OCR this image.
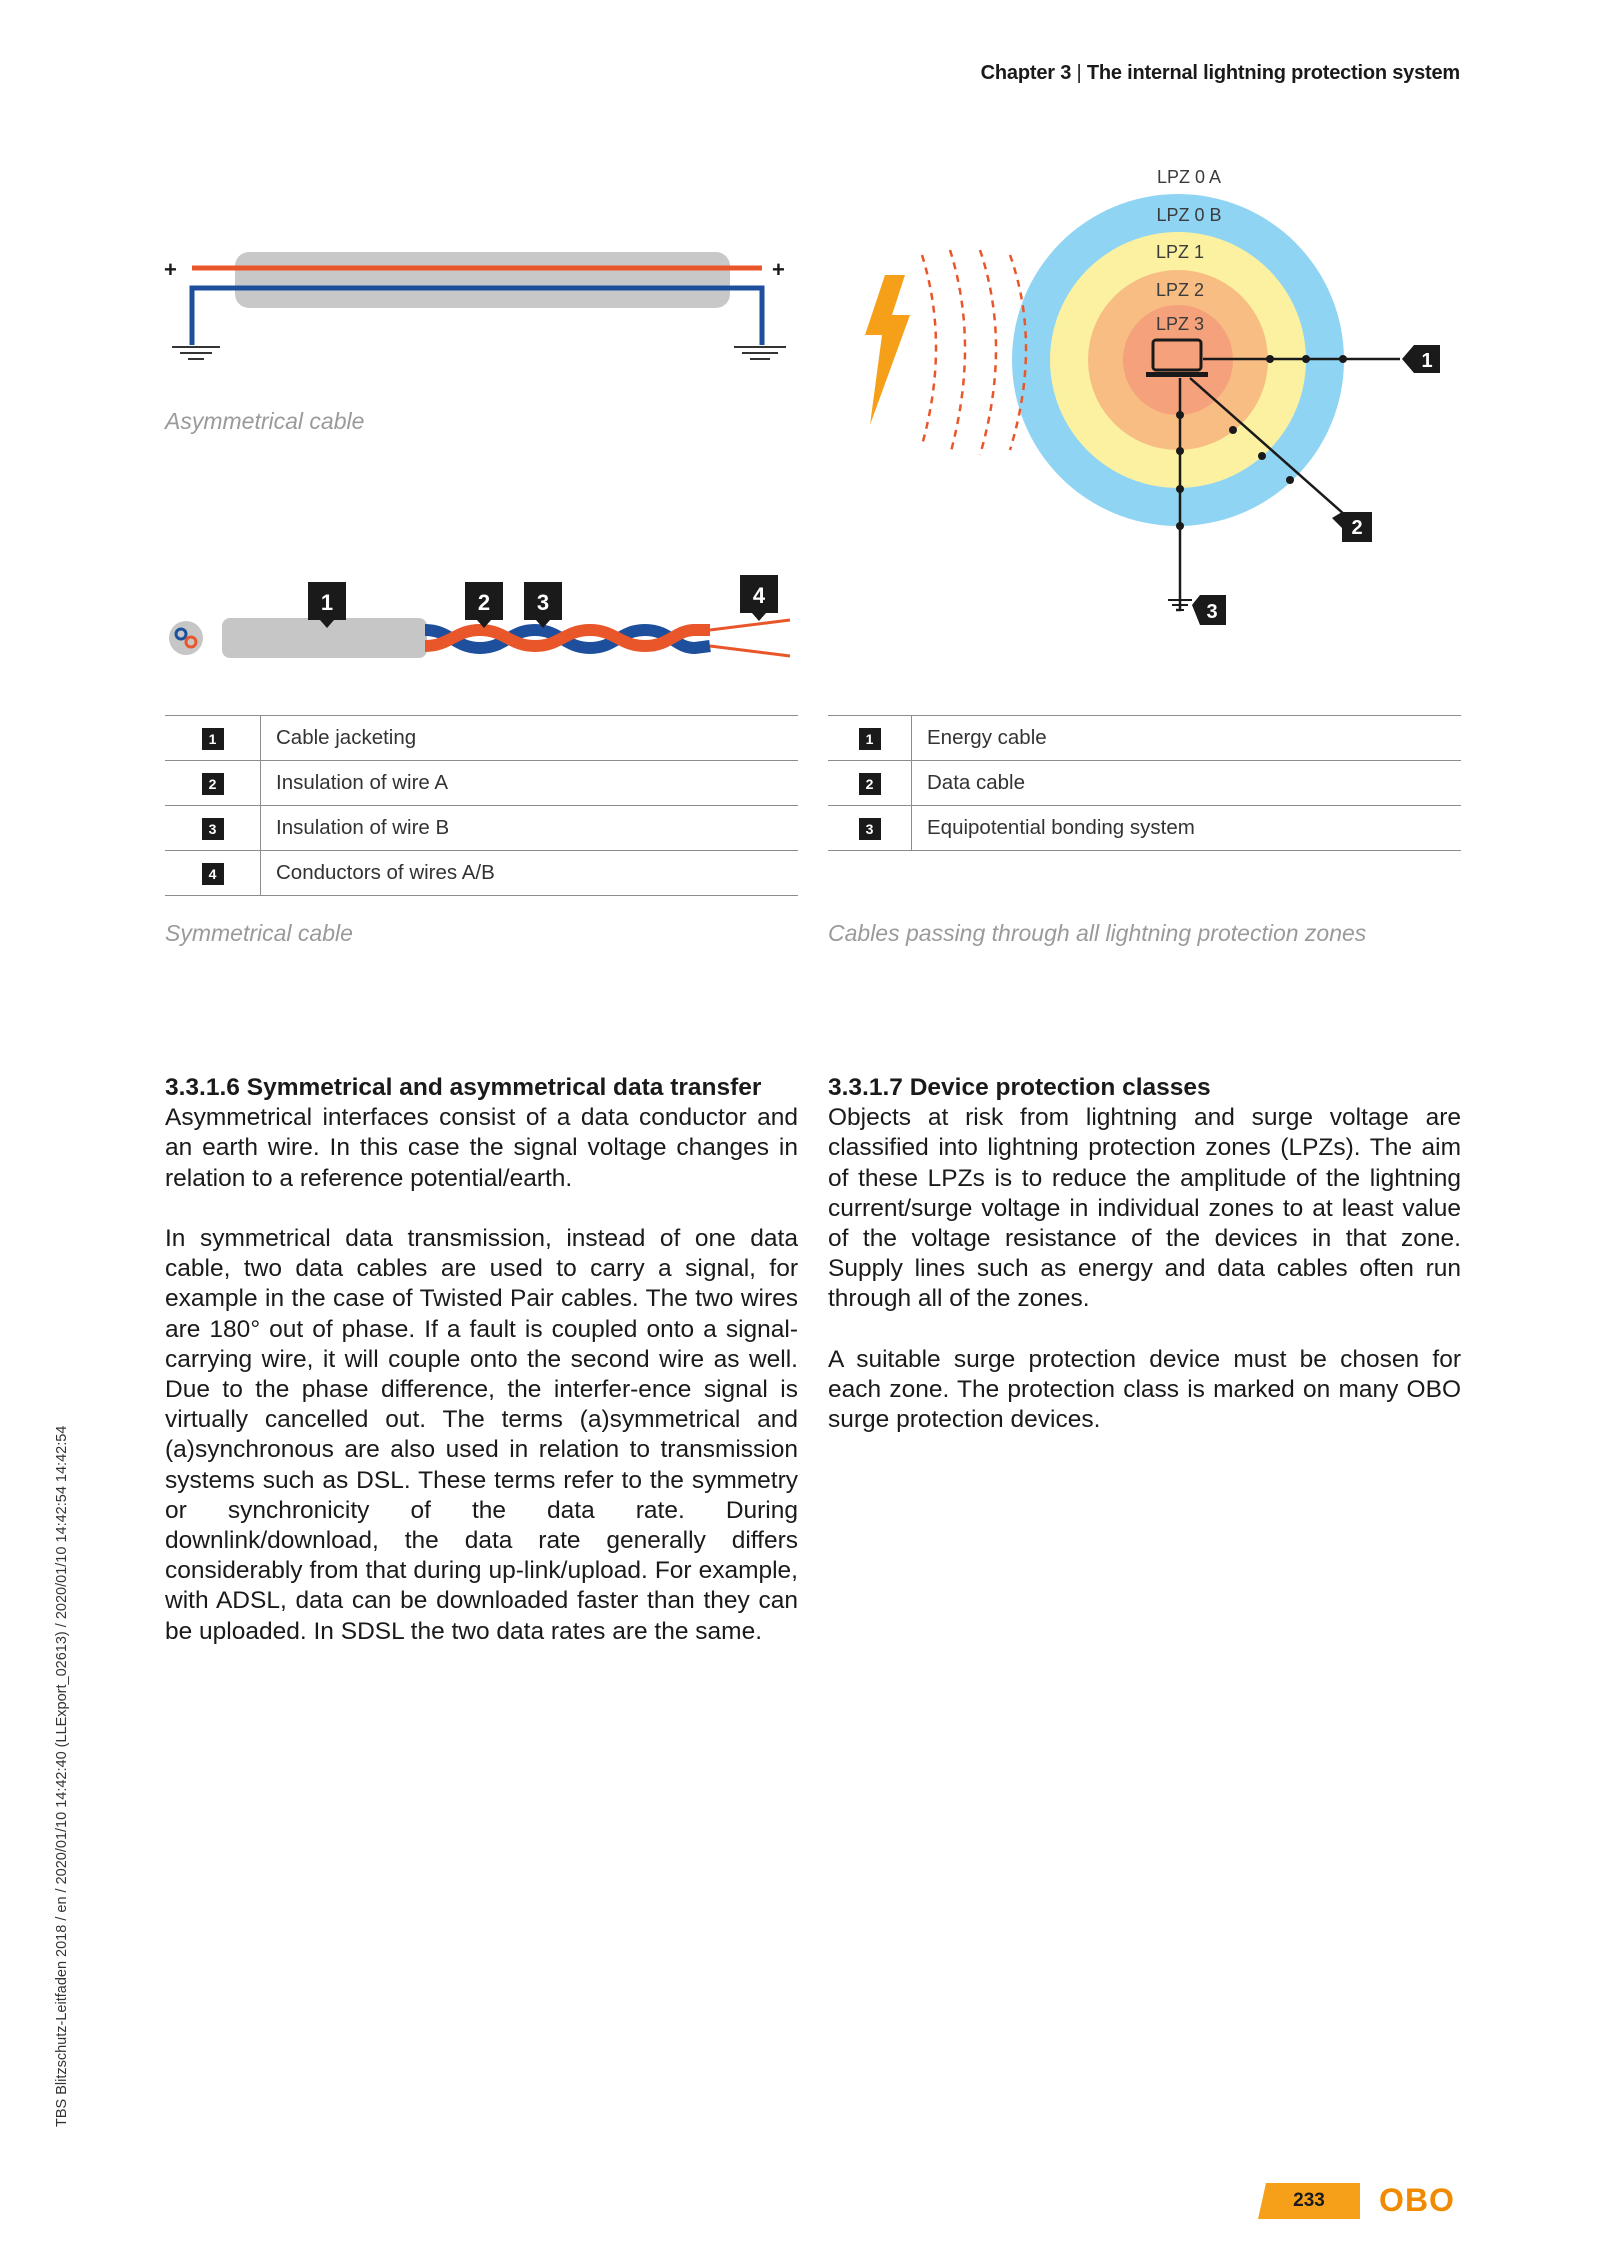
Chapter 3 | The internal lightning protection system
+	+
Asymmetrical cable
1	2 3	4
1	Cable jacketing
2	Insulation of wire A
3	Insulation of wire B
4	Conductors of wires A/B
Symmetrical cable
LPZ 0 A
LPZ 0 B
LPZ 1
LPZ 2
LPZ 3
1
2
3
1	Energy cable
2	Data cable
3	Equipotential bonding system
Cables passing through all lightning protection zones
3.3.1.6 Symmetrical and asymmetrical data transfer

Asymmetrical interfaces consist of a data conductor and an earth wire. In this case the signal voltage changes in relation to a reference potential/earth.

In symmetrical data transmission, instead of one data cable, two data cables are used to carry a signal, for example in the case of Twisted Pair cables. The two wires are 180° out of phase. If a fault is coupled onto a signal-carrying wire, it will couple onto the second wire as well. Due to the phase difference, the interfer-ence signal is virtually cancelled out. The terms (a)symmetrical and (a)synchronous are also used in relation to transmission systems such as DSL. These terms refer to the symmetry or synchronicity of the data rate. During downlink/download, the data rate generally differs considerably from that during up-link/upload. For example, with ADSL, data can be downloaded faster than they can be uploaded. In SDSL the two data rates are the same.

3.3.1.7 Device protection classes

Objects at risk from lightning and surge voltage are classified into lightning protection zones (LPZs). The aim of these LPZs is to reduce the amplitude of the lightning current/surge voltage in individual zones to at least value of the voltage resistance of the devices in that zone. Supply lines such as energy and data cables often run through all of the zones.

A suitable surge protection device must be chosen for each zone. The protection class is marked on many OBO surge protection devices.

TBS Blitzschutz-Leitfaden 2018 / en / 2020/01/10 14:42:40 (LLExport_02613) / 2020/01/10 14:42:54 14:42:54
233	OBO
